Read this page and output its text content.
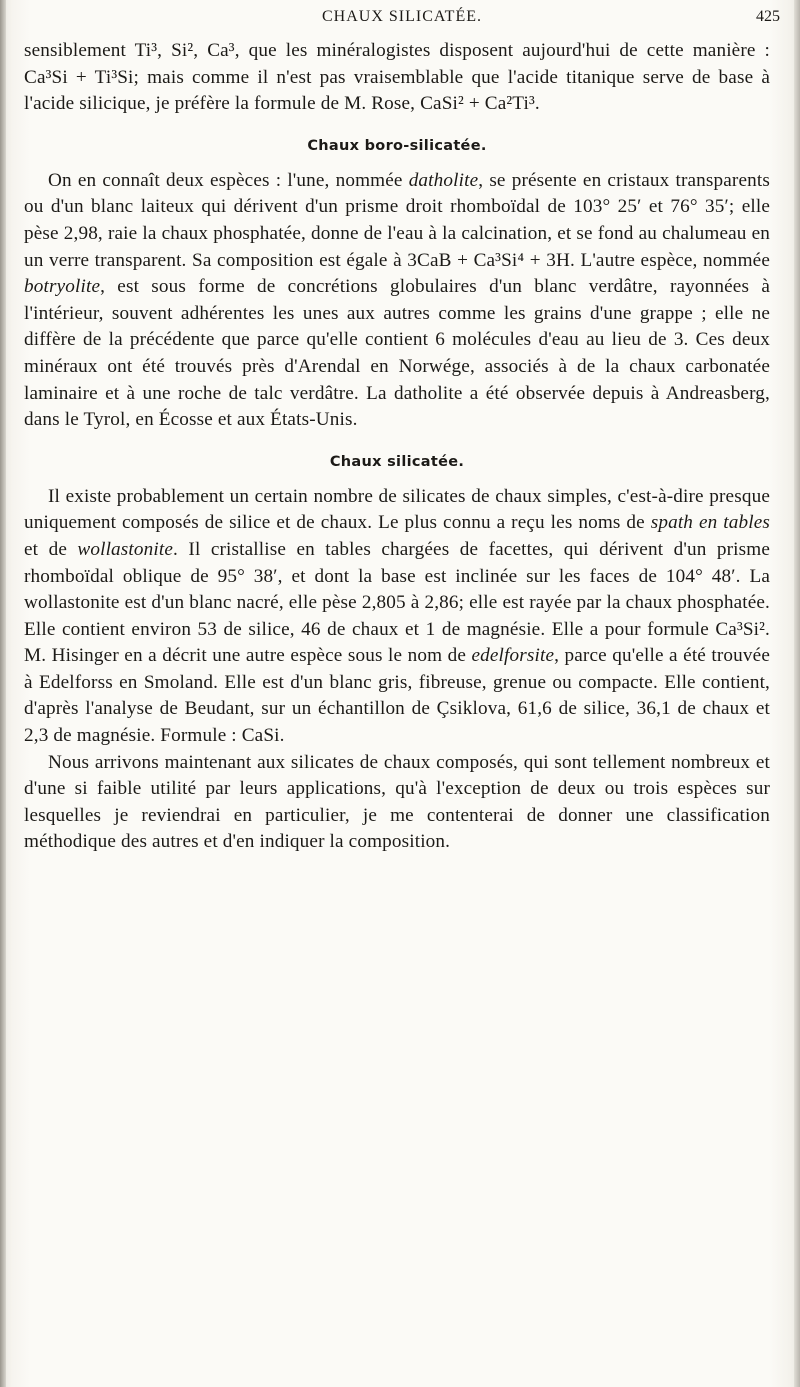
CHAUX SILICATÉE.	425

sensiblement Ti³, Si², Ca³, que les minéralogistes disposent aujourd'hui de cette manière : Ca³Si + Ti³Si; mais comme il n'est pas vraisemblable que l'acide titanique serve de base à l'acide silicique, je préfère la formule de M. Rose, CaSi² + Ca²Ti³.

Chaux boro-silicatée.

On en connaît deux espèces : l'une, nommée datholite, se présente en cristaux transparents ou d'un blanc laiteux qui dérivent d'un prisme droit rhomboïdal de 103° 25′ et 76° 35′; elle pèse 2,98, raie la chaux phosphatée, donne de l'eau à la calcination, et se fond au chalumeau en un verre transparent. Sa composition est égale à 3CaB + Ca³Si⁴ + 3H. L'autre espèce, nommée botryolite, est sous forme de concrétions globulaires d'un blanc verdâtre, rayonnées à l'intérieur, souvent adhérentes les unes aux autres comme les grains d'une grappe ; elle ne diffère de la précédente que parce qu'elle contient 6 molécules d'eau au lieu de 3. Ces deux minéraux ont été trouvés près d'Arendal en Norwége, associés à de la chaux carbonatée laminaire et à une roche de talc verdâtre. La datholite a été observée depuis à Andreasberg, dans le Tyrol, en Écosse et aux États-Unis.

Chaux silicatée.

Il existe probablement un certain nombre de silicates de chaux simples, c'est-à-dire presque uniquement composés de silice et de chaux. Le plus connu a reçu les noms de spath en tables et de wollastonite. Il cristallise en tables chargées de facettes, qui dérivent d'un prisme rhomboïdal oblique de 95° 38′, et dont la base est inclinée sur les faces de 104° 48′. La wollastonite est d'un blanc nacré, elle pèse 2,805 à 2,86; elle est rayée par la chaux phosphatée. Elle contient environ 53 de silice, 46 de chaux et 1 de magnésie. Elle a pour formule Ca³Si². M. Hisinger en a décrit une autre espèce sous le nom de edelforsite, parce qu'elle a été trouvée à Edelforss en Smoland. Elle est d'un blanc gris, fibreuse, grenue ou compacte. Elle contient, d'après l'analyse de Beudant, sur un échantillon de Çsiklova, 61,6 de silice, 36,1 de chaux et 2,3 de magnésie. Formule : CaSi.

Nous arrivons maintenant aux silicates de chaux composés, qui sont tellement nombreux et d'une si faible utilité par leurs applications, qu'à l'exception de deux ou trois espèces sur lesquelles je reviendrai en particulier, je me contenterai de donner une classification méthodique des autres et d'en indiquer la composition.
